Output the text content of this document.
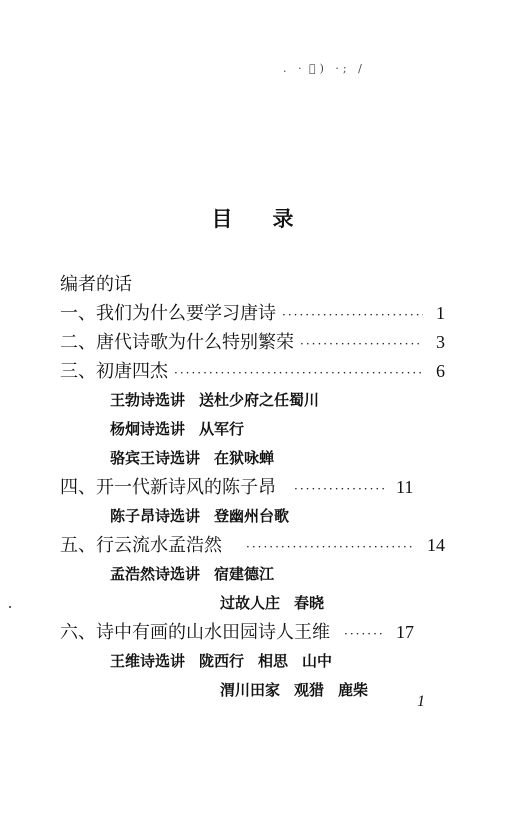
. · ﾞ) ·; /
目 录
编者的话
一、我们为什么要学习唐诗 ·····	1
二、唐代诗歌为什么特别繁荣 ·····	3
三、初唐四杰 ·····	6
王勃诗选讲 送杜少府之任蜀川
杨炯诗选讲 从军行
骆宾王诗选讲 在狱咏蝉
四、开一代新诗风的陈子昂 ·····	11
陈子昂诗选讲 登幽州台歌
五、行云流水孟浩然 ·····	14
孟浩然诗选讲 宿建德江
过故人庄 春晓
六、诗中有画的山水田园诗人王维 ·····	17
王维诗选讲 陇西行 相思 山中
渭川田家 观猎 鹿柴
1
